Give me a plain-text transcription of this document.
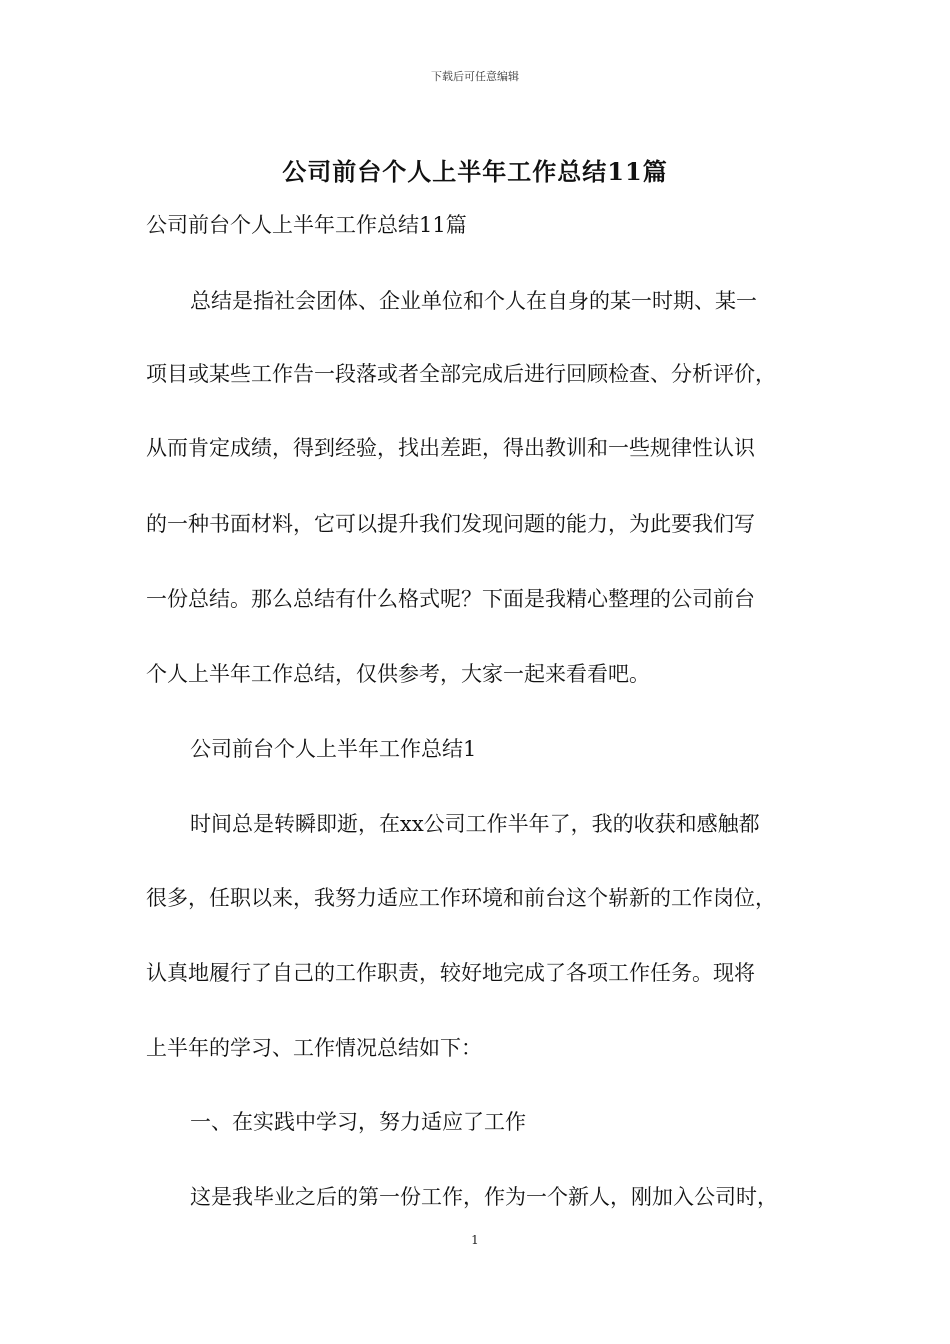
下载后可任意编辑
公司前台个人上半年工作总结11篇
公司前台个人上半年工作总结11篇
总结是指社会团体、企业单位和个人在自身的某一时期、某一
项目或某些工作告一段落或者全部完成后进行回顾检查、分析评价，
从而肯定成绩，得到经验，找出差距，得出教训和一些规律性认识
的一种书面材料，它可以提升我们发现问题的能力，为此要我们写
一份总结。那么总结有什么格式呢？下面是我精心整理的公司前台
个人上半年工作总结，仅供参考，大家一起来看看吧。
公司前台个人上半年工作总结1
时间总是转瞬即逝，在xx公司工作半年了，我的收获和感触都
很多，任职以来，我努力适应工作环境和前台这个崭新的工作岗位，
认真地履行了自己的工作职责，较好地完成了各项工作任务。现将
上半年的学习、工作情况总结如下：
一、在实践中学习，努力适应了工作
这是我毕业之后的第一份工作，作为一个新人，刚加入公司时，
1
